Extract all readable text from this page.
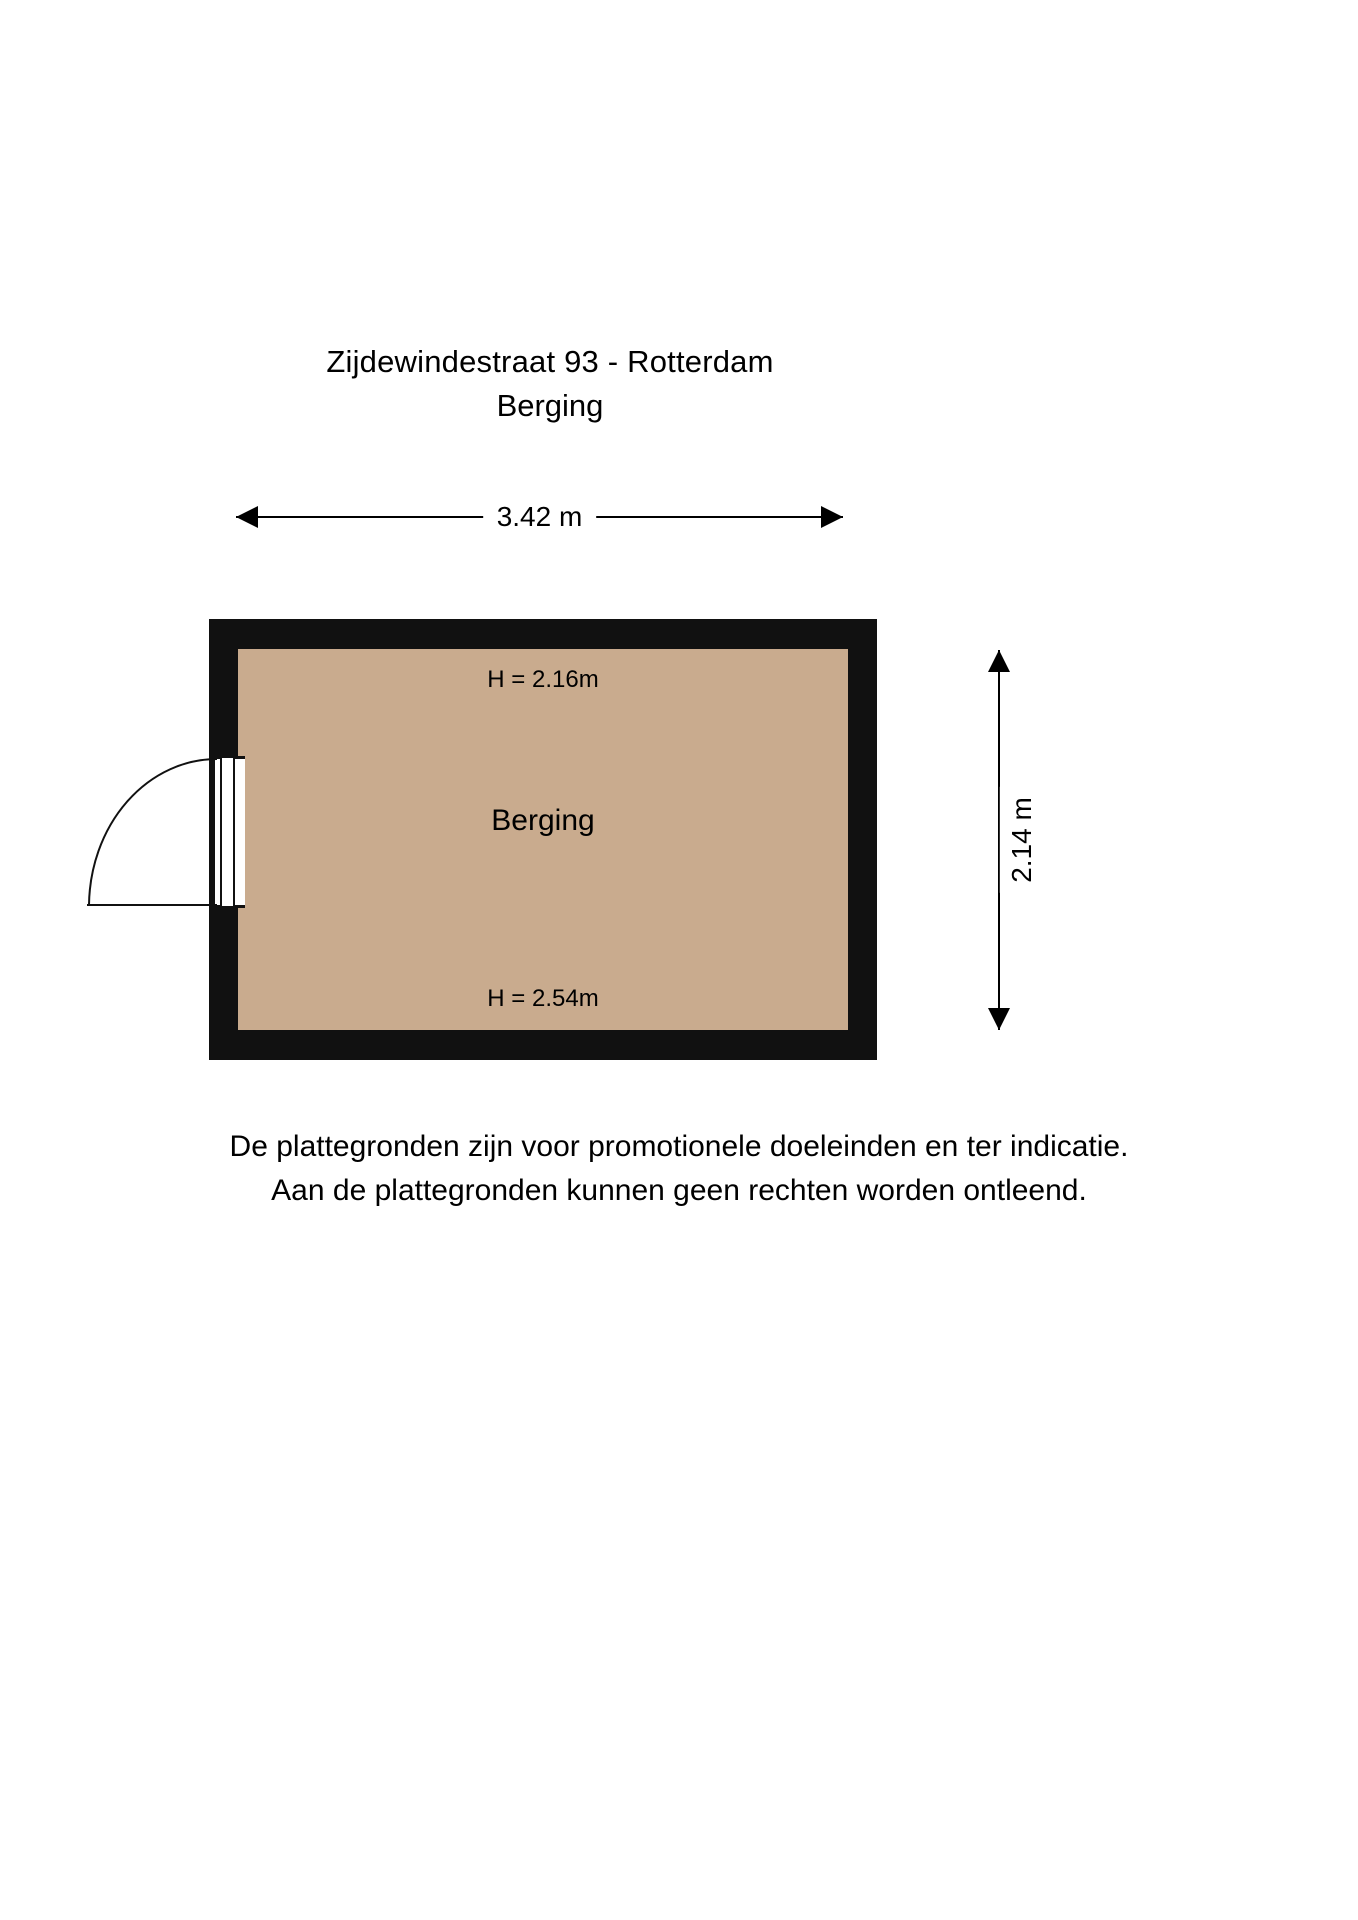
Zijdewindestraat 93 - Rotterdam
Berging
3.42 m
2.14 m
H = 2.16m
Berging
H = 2.54m
De plattegronden zijn voor promotionele doeleinden en ter indicatie.
Aan de plattegronden kunnen geen rechten worden ontleend.
